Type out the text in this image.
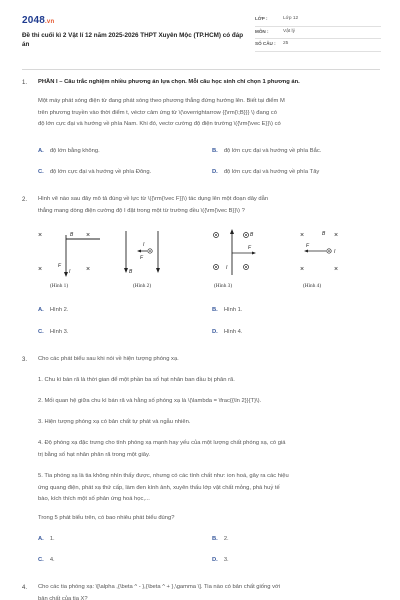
2048.vn
Đề thi cuối kì 2 Vật lí 12 năm 2025-2026 THPT Xuyên Mộc (TP.HCM) có đáp án
LỚP :	Lớp 12
MÔN :	Vật lý
SỐ CÂU : 25
1. PHẦN I – Câu trắc nghiệm nhiều phương án lựa chọn. Mỗi câu học sinh chỉ chọn 1 phương án.
Một máy phát sóng điện từ đang phát sóng theo phương thẳng đứng hướng lên. Biết tại điểm M
trên phương truyền vào thời điểm t, véctơ cảm ứng từ \(\overrightarrow {{\rm{\;B}}} \) đang có
độ lớn cực đại và hướng về phía Nam. Khi đó, vectơ cường độ điện trường \({\rm{\vec E}}\) có
A. độ lớn bằng không.	B. độ lớn cực đại và hướng về phía Bắc.
C. độ lớn cực đại và hướng về phía Đông.	D. độ lớn cực đại và hướng về phía Tây
2. Hình vẽ nào sau đây mô tả đúng về lực từ \({\rm{\vec F}}\) tác dụng lên một đoạn dây dẫn
thẳng mang dòng điện cường độ I đặt trong một từ trường đều \({\rm{\vec B}}\) ?
×	×
×	×
B
F
I
(Hình 1)
I
F
B
(Hình 2)
B
F
I
(Hình 3)
×	×
×	×
B
F
I
(Hình 4)
A. Hình 2.	B. Hình 1.
C. Hình 3.	D. Hình 4.
3. Cho các phát biểu sau khi nói về hiện tượng phóng xạ.
1. Chu kì bán rã là thời gian để một phần ba số hạt nhân ban đầu bị phân rã.
2. Mối quan hệ giữa chu kì bán rã và hằng số phóng xạ là \(\lambda = \frac{{\ln 2}}{T}\).
3. Hiện tượng phóng xạ có bản chất tự phát và ngẫu nhiên.
4. Độ phóng xạ đặc trưng cho tính phóng xạ mạnh hay yếu của một lượng chất phóng xạ, có giá
trị bằng số hạt nhân phân rã trong một giây.
5. Tia phóng xạ là tia không nhìn thấy được, nhưng có các tính chất như: ion hoá, gây ra các hiệu
ứng quang điện, phát xạ thứ cấp, làm đen kính ảnh, xuyên thấu lớp vật chất mỏng, phá huỷ tế
bào, kích thích một số phản ứng hoá học,...
Trong 5 phát biểu trên, có bao nhiêu phát biểu đúng?
A. 1.	B. 2.
C. 4.	D. 3.
4. Cho các tia phóng xạ: \[\alpha ,{\beta ^ - },{\beta ^ + },\gamma \]. Tia nào có bản chất giống với
bản chất của tia X?
